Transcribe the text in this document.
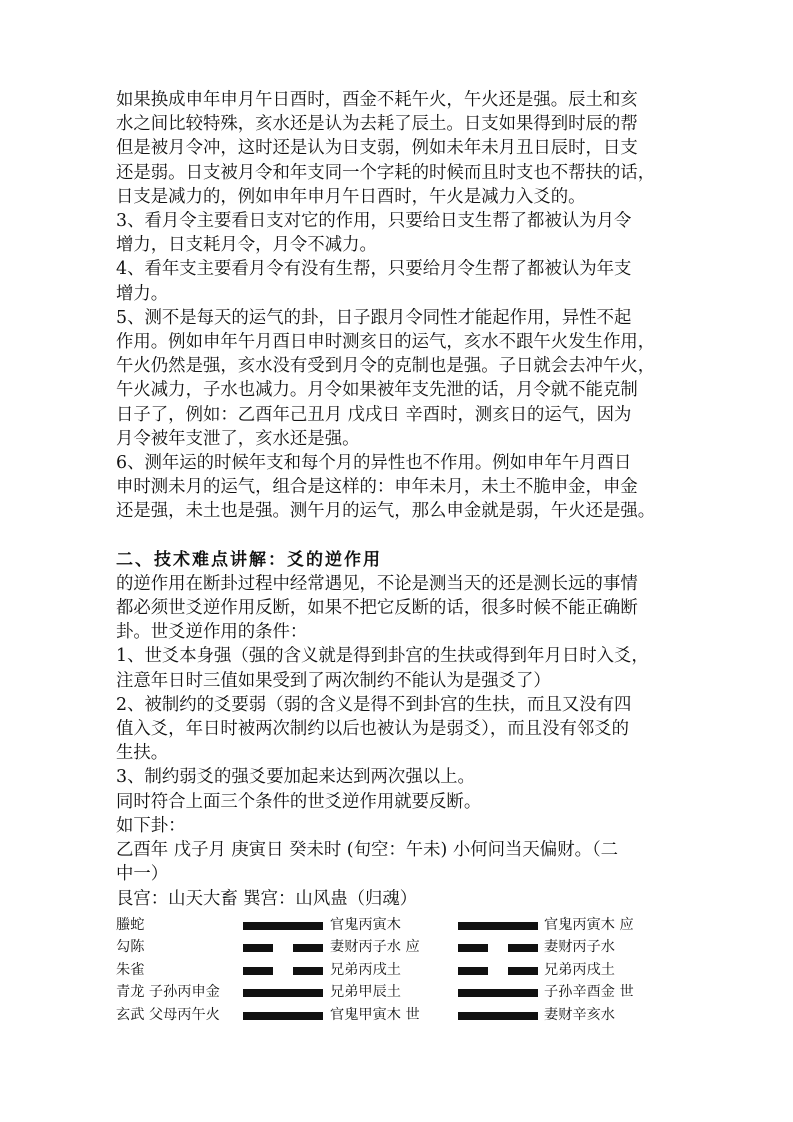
如果换成申年申月午日酉时，酉金不耗午火，午火还是强。辰土和亥

水之间比较特殊，亥水还是认为去耗了辰土。日支如果得到时辰的帮

但是被月令冲，这时还是认为日支弱，例如未年未月丑日辰时，日支

还是弱。日支被月令和年支同一个字耗的时候而且时支也不帮扶的话，

日支是减力的，例如申年申月午日酉时，午火是减力入爻的。

3、看月令主要看日支对它的作用，只要给日支生帮了都被认为月令

增力，日支耗月令，月令不减力。

4、看年支主要看月令有没有生帮，只要给月令生帮了都被认为年支

增力。

5、测不是每天的运气的卦，日子跟月令同性才能起作用，异性不起

作用。例如申年午月酉日申时测亥日的运气，亥水不跟午火发生作用，

午火仍然是强，亥水没有受到月令的克制也是强。子日就会去冲午火，

午火减力，子水也减力。月令如果被年支先泄的话，月令就不能克制

日子了，例如：乙酉年己丑月 戊戌日 辛酉时，测亥日的运气，因为

月令被年支泄了，亥水还是强。

6、测年运的时候年支和每个月的异性也不作用。例如申年午月酉日

申时测未月的运气，组合是这样的：申年未月，未土不脆申金，申金

还是强，未土也是强。测午月的运气，那么申金就是弱，午火还是强。

二、技术难点讲解：爻的逆作用

的逆作用在断卦过程中经常遇见，不论是测当天的还是测长远的事情

都必须世爻逆作用反断，如果不把它反断的话，很多时候不能正确断

卦。世爻逆作用的条件：

1、世爻本身强（强的含义就是得到卦宫的生扶或得到年月日时入爻，

注意年日时三值如果受到了两次制约不能认为是强爻了）

2、被制约的爻要弱（弱的含义是得不到卦宫的生扶，而且又没有四

值入爻，年日时被两次制约以后也被认为是弱爻），而且没有邻爻的

生扶。

3、制约弱爻的强爻要加起来达到两次强以上。

同时符合上面三个条件的世爻逆作用就要反断。

如下卦：

乙酉年 戊子月 庚寅日 癸未时 (旬空：午未) 小何问当天偏财。（二

中一）

艮宫：山天大畜 巽宫：山风蛊（归魂）

螣蛇	官鬼丙寅木	官鬼丙寅木 应
勾陈	妻财丙子水 应	妻财丙子水
朱雀	兄弟丙戌土	兄弟丙戌土
青龙 子孙丙申金	兄弟甲辰土	子孙辛酉金 世
玄武 父母丙午火	官鬼甲寅木 世	妻财辛亥水
